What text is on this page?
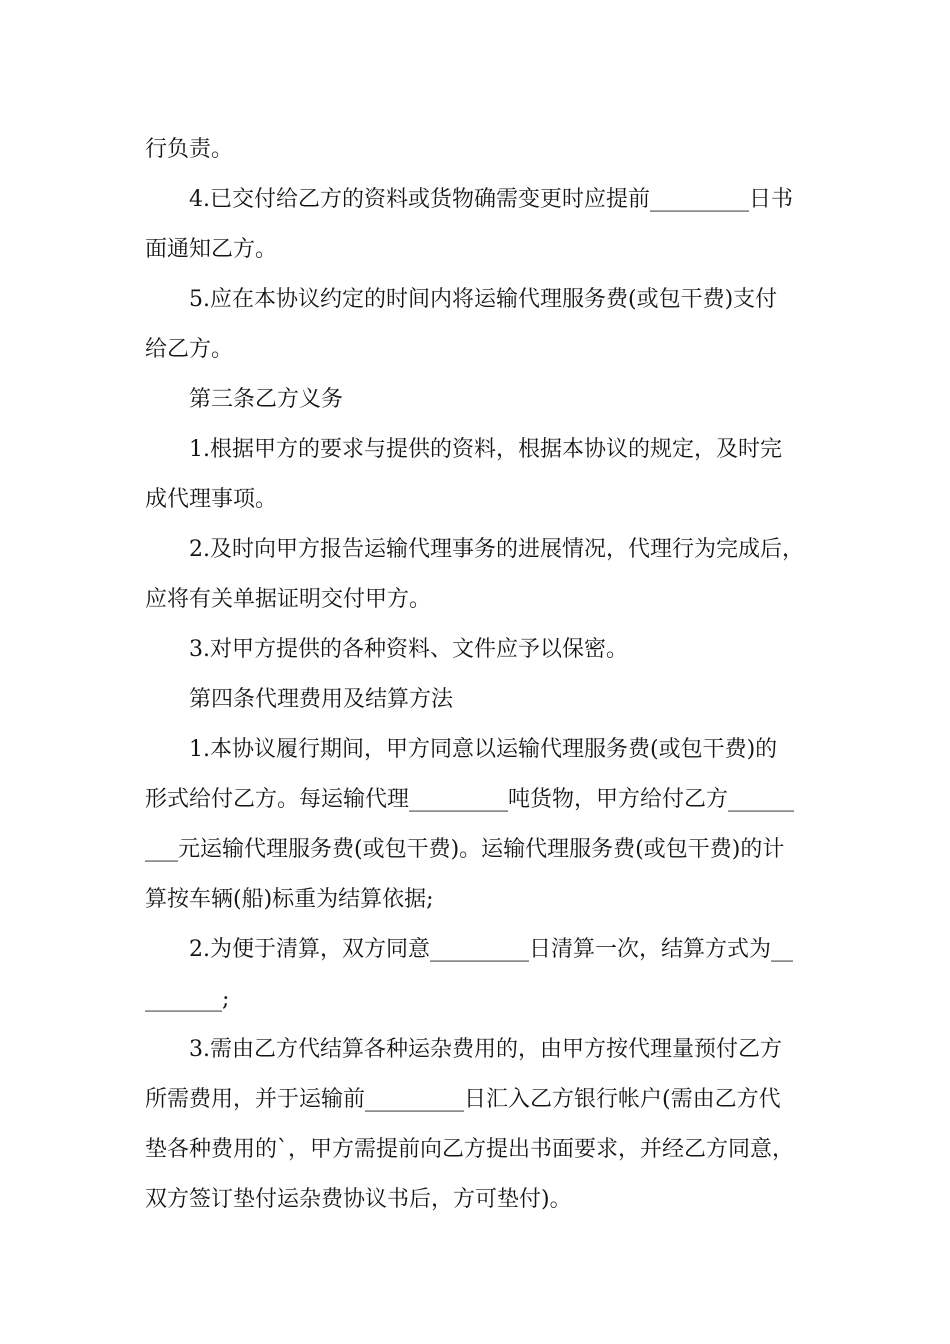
行负责。
4.已交付给乙方的资料或货物确需变更时应提前_________日书
面通知乙方。
5.应在本协议约定的时间内将运输代理服务费(或包干费)支付
给乙方。
第三条乙方义务
1.根据甲方的要求与提供的资料，根据本协议的规定，及时完
成代理事项。
2.及时向甲方报告运输代理事务的进展情况，代理行为完成后，
应将有关单据证明交付甲方。
3.对甲方提供的各种资料、文件应予以保密。
第四条代理费用及结算方法
1.本协议履行期间，甲方同意以运输代理服务费(或包干费)的
形式给付乙方。每运输代理_________吨货物，甲方给付乙方______
___元运输代理服务费(或包干费)。运输代理服务费(或包干费)的计
算按车辆(船)标重为结算依据;
2.为便于清算，双方同意_________日清算一次，结算方式为__
_______;
3.需由乙方代结算各种运杂费用的，由甲方按代理量预付乙方
所需费用，并于运输前_________日汇入乙方银行帐户(需由乙方代
垫各种费用的`，甲方需提前向乙方提出书面要求，并经乙方同意，
双方签订垫付运杂费协议书后，方可垫付)。
